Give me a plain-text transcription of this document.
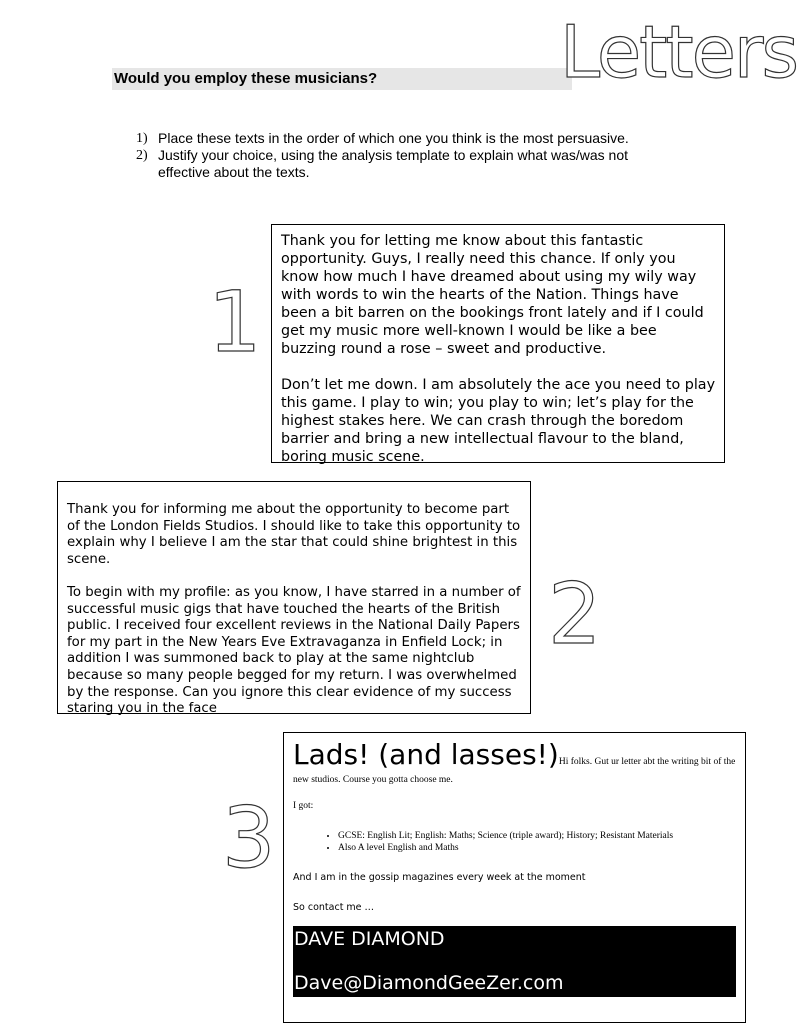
Would you employ these musicians?	Letters
1) Place these texts in the order of which one you think is the most persuasive.
2) Justify your choice, using the analysis template to explain what was/was not effective about the texts.
1

Thank you for letting me know about this fantastic opportunity. Guys, I really need this chance. If only you know how much I have dreamed about using my wily way with words to win the hearts of the Nation. Things have been a bit barren on the bookings front lately and if I could get my music more well-known I would be like a bee buzzing round a rose – sweet and productive.

Don’t let me down. I am absolutely the ace you need to play this game. I play to win; you play to win; let’s play for the highest stakes here. We can crash through the boredom barrier and bring a new intellectual flavour to the bland, boring music scene.

Thank you for informing me about the opportunity to become part of the London Fields Studios. I should like to take this opportunity to explain why I believe I am the star that could shine brightest in this scene.

To begin with my profile: as you know, I have starred in a number of successful music gigs that have touched the hearts of the British public. I received four excellent reviews in the National Daily Papers for my part in the New Years Eve Extravaganza in Enfield Lock; in addition I was summoned back to play at the same nightclub because so many people begged for my return. I was overwhelmed by the response. Can you ignore this clear evidence of my success staring you in the face

2
3
Lads! (and lasses!)Hi folks. Gut ur letter abt the writing bit of the new studios. Course you gotta choose me.
I got:
• GCSE: English Lit; English: Maths; Science (triple award); History; Resistant Materials
• Also A level English and Maths
And I am in the gossip magazines every week at the moment
So contact me …
DAVE DIAMOND
Dave@DiamondGeeZer.com
